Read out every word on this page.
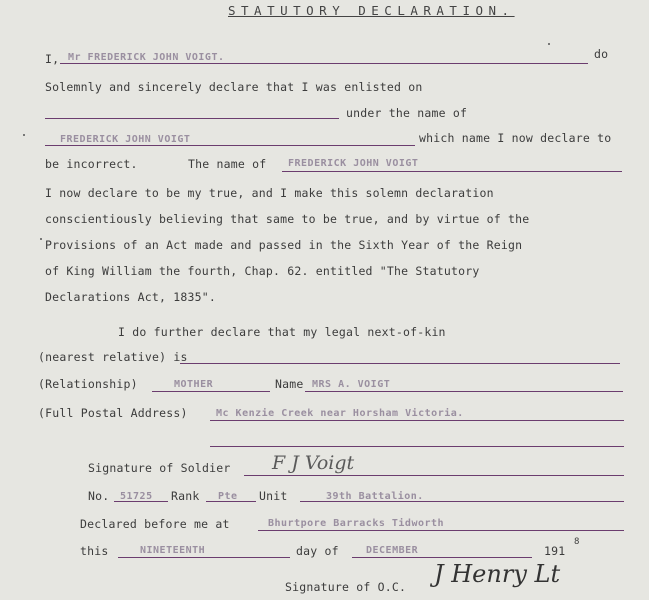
STATUTORY DECLARATION.
I, Mr FREDERICK JOHN VOIGT.	do
Solemnly and sincerely declare that I was enlisted on
under the name of
FREDERICK JOHN VOIGT	which name I now declare to
be incorrect.	The name of FREDERICK JOHN VOIGT
I now declare to be my true, and I make this solemn declaration
conscientiously believing that same to be true, and by virtue of the
Provisions of an Act made and passed in the Sixth Year of the Reign
of King William the fourth, Chap. 62. entitled "The Statutory
Declarations Act, 1835".
I do further declare that my legal next-of-kin
(nearest relative) is
(Relationship)	MOTHER	Name MRS A. VOIGT
(Full Postal Address)	Mc Kenzie Creek near Horsham Victoria.
Signature of Soldier F J Voigt
No. 51725 Rank Pte Unit	39th Battalion.
Declared before me at	Bhurtpore Barracks Tidworth
this	NINETEENTH	day of	DECEMBER	191
8
Signature of O.C. J Henry Lt
